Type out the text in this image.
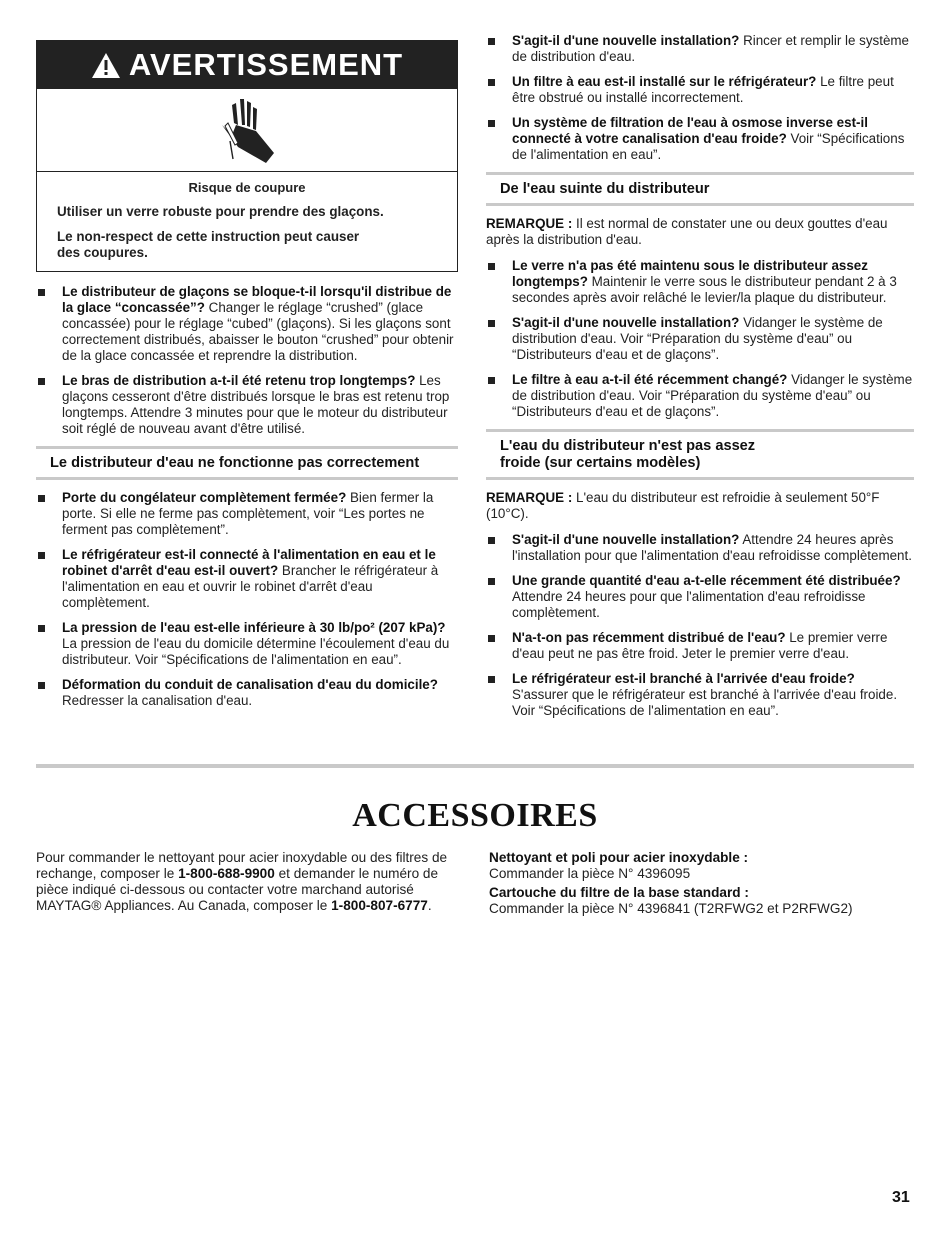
AVERTISSEMENT
Risque de coupure

Utiliser un verre robuste pour prendre des glaçons.

Le non-respect de cette instruction peut causer des coupures.

Le distributeur de glaçons se bloque-t-il lorsqu'il distribue de la glace “concassée”? Changer le réglage “crushed” (glace concassée) pour le réglage “cubed” (glaçons). Si les glaçons sont correctement distribués, abaisser le bouton “crushed” pour obtenir de la glace concassée et reprendre la distribution.
Le bras de distribution a-t-il été retenu trop longtemps? Les glaçons cesseront d'être distribués lorsque le bras est retenu trop longtemps. Attendre 3 minutes pour que le moteur du distributeur soit réglé de nouveau avant d'être utilisé.
Le distributeur d'eau ne fonctionne pas correctement
Porte du congélateur complètement fermée? Bien fermer la porte. Si elle ne ferme pas complètement, voir “Les portes ne ferment pas complètement”.
Le réfrigérateur est-il connecté à l'alimentation en eau et le robinet d'arrêt d'eau est-il ouvert? Brancher le réfrigérateur à l'alimentation en eau et ouvrir le robinet d'arrêt d'eau complètement.
La pression de l'eau est-elle inférieure à 30 lb/po² (207 kPa)? La pression de l'eau du domicile détermine l'écoulement d'eau du distributeur. Voir “Spécifications de l'alimentation en eau”.
Déformation du conduit de canalisation d'eau du domicile? Redresser la canalisation d'eau.
S'agit-il d'une nouvelle installation? Rincer et remplir le système de distribution d'eau.
Un filtre à eau est-il installé sur le réfrigérateur? Le filtre peut être obstrué ou installé incorrectement.
Un système de filtration de l'eau à osmose inverse est-il connecté à votre canalisation d'eau froide? Voir “Spécifications de l'alimentation en eau”.
De l'eau suinte du distributeur

REMARQUE : Il est normal de constater une ou deux gouttes d'eau après la distribution d'eau.

Le verre n'a pas été maintenu sous le distributeur assez longtemps? Maintenir le verre sous le distributeur pendant 2 à 3 secondes après avoir relâché le levier/la plaque du distributeur.
S'agit-il d'une nouvelle installation? Vidanger le système de distribution d'eau. Voir “Préparation du système d'eau” ou “Distributeurs d'eau et de glaçons”.
Le filtre à eau a-t-il été récemment changé? Vidanger le système de distribution d'eau. Voir “Préparation du système d'eau” ou “Distributeurs d'eau et de glaçons”.
L'eau du distributeur n'est pas assez froide (sur certains modèles)

REMARQUE : L'eau du distributeur est refroidie à seulement 50°F (10°C).

S'agit-il d'une nouvelle installation? Attendre 24 heures après l'installation pour que l'alimentation d'eau refroidisse complètement.
Une grande quantité d'eau a-t-elle récemment été distribuée? Attendre 24 heures pour que l'alimentation d'eau refroidisse complètement.
N'a-t-on pas récemment distribué de l'eau? Le premier verre d'eau peut ne pas être froid. Jeter le premier verre d'eau.
Le réfrigérateur est-il branché à l'arrivée d'eau froide? S'assurer que le réfrigérateur est branché à l'arrivée d'eau froide. Voir “Spécifications de l'alimentation en eau”.
ACCESSOIRES
Pour commander le nettoyant pour acier inoxydable ou des filtres de rechange, composer le 1-800-688-9900 et demander le numéro de pièce indiqué ci-dessous ou contacter votre marchand autorisé MAYTAG® Appliances. Au Canada, composer le 1-800-807-6777.

Nettoyant et poli pour acier inoxydable :

Commander la pièce N° 4396095

Cartouche du filtre de la base standard :

Commander la pièce N° 4396841 (T2RFWG2 et P2RFWG2)

31
